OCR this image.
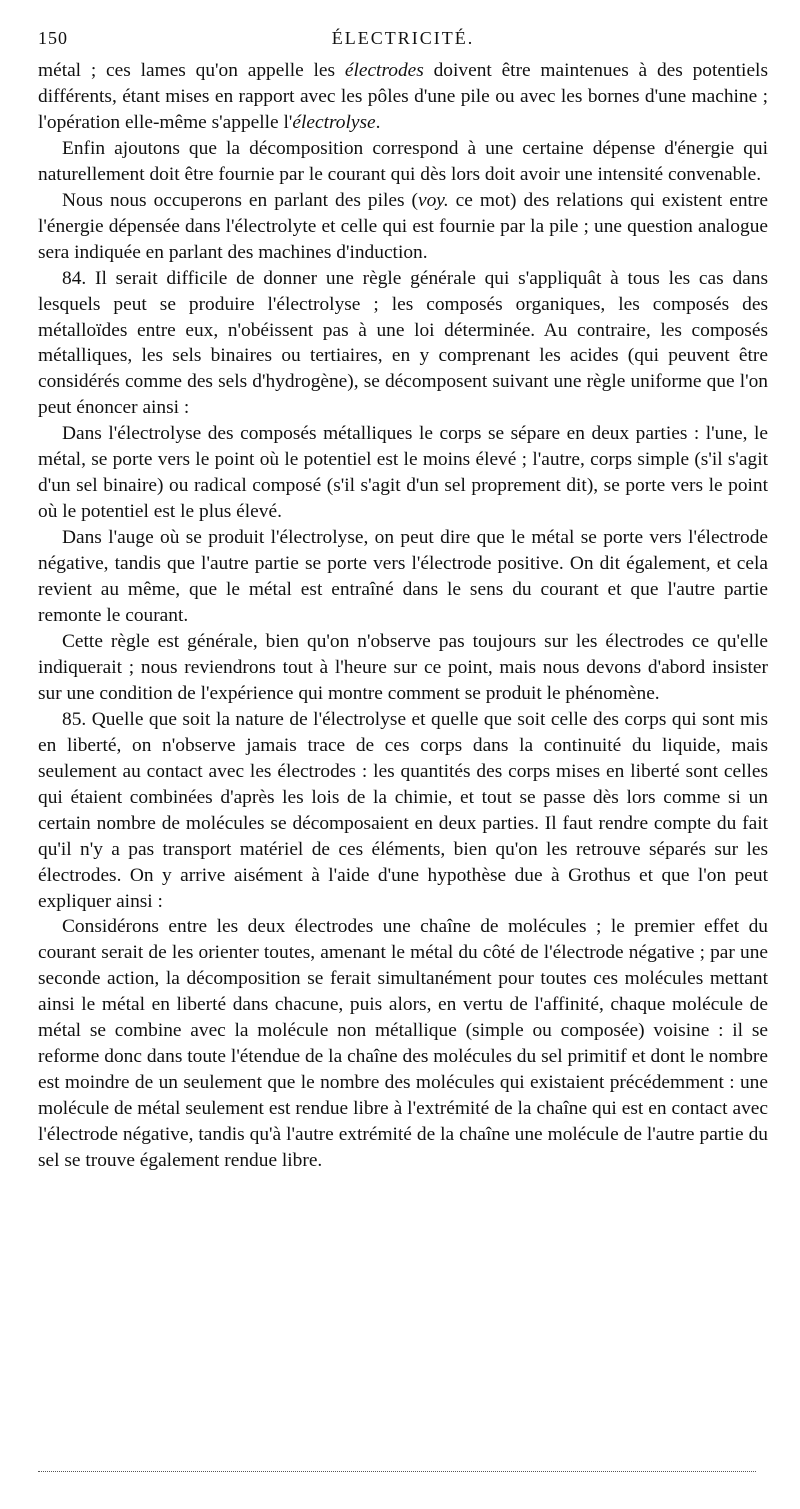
150	ÉLECTRICITÉ.

métal ; ces lames qu'on appelle les électrodes doivent être maintenues à des potentiels différents, étant mises en rapport avec les pôles d'une pile ou avec les bornes d'une machine ; l'opération elle-même s'appelle l'électrolyse.

Enfin ajoutons que la décomposition correspond à une certaine dépense d'énergie qui naturellement doit être fournie par le courant qui dès lors doit avoir une intensité convenable.

Nous nous occuperons en parlant des piles (voy. ce mot) des relations qui existent entre l'énergie dépensée dans l'électrolyte et celle qui est fournie par la pile ; une question analogue sera indiquée en parlant des machines d'induction.

84. Il serait difficile de donner une règle générale qui s'appliquât à tous les cas dans lesquels peut se produire l'électrolyse ; les composés organiques, les composés des métalloïdes entre eux, n'obéissent pas à une loi déterminée. Au contraire, les composés métalliques, les sels binaires ou tertiaires, en y comprenant les acides (qui peuvent être considérés comme des sels d'hydrogène), se décomposent suivant une règle uniforme que l'on peut énoncer ainsi :

Dans l'électrolyse des composés métalliques le corps se sépare en deux parties : l'une, le métal, se porte vers le point où le potentiel est le moins élevé ; l'autre, corps simple (s'il s'agit d'un sel binaire) ou radical composé (s'il s'agit d'un sel proprement dit), se porte vers le point où le potentiel est le plus élevé.

Dans l'auge où se produit l'électrolyse, on peut dire que le métal se porte vers l'électrode négative, tandis que l'autre partie se porte vers l'électrode positive. On dit également, et cela revient au même, que le métal est entraîné dans le sens du courant et que l'autre partie remonte le courant.

Cette règle est générale, bien qu'on n'observe pas toujours sur les électrodes ce qu'elle indiquerait ; nous reviendrons tout à l'heure sur ce point, mais nous devons d'abord insister sur une condition de l'expérience qui montre comment se produit le phénomène.

85. Quelle que soit la nature de l'électrolyse et quelle que soit celle des corps qui sont mis en liberté, on n'observe jamais trace de ces corps dans la continuité du liquide, mais seulement au contact avec les électrodes : les quantités des corps mises en liberté sont celles qui étaient combinées d'après les lois de la chimie, et tout se passe dès lors comme si un certain nombre de molécules se décomposaient en deux parties. Il faut rendre compte du fait qu'il n'y a pas transport matériel de ces éléments, bien qu'on les retrouve séparés sur les électrodes. On y arrive aisément à l'aide d'une hypothèse due à Grothus et que l'on peut expliquer ainsi :

Considérons entre les deux électrodes une chaîne de molécules ; le premier effet du courant serait de les orienter toutes, amenant le métal du côté de l'électrode négative ; par une seconde action, la décomposition se ferait simultanément pour toutes ces molécules mettant ainsi le métal en liberté dans chacune, puis alors, en vertu de l'affinité, chaque molécule de métal se combine avec la molécule non métallique (simple ou composée) voisine : il se reforme donc dans toute l'étendue de la chaîne des molécules du sel primitif et dont le nombre est moindre de un seulement que le nombre des molécules qui existaient précédemment : une molécule de métal seulement est rendue libre à l'extrémité de la chaîne qui est en contact avec l'électrode négative, tandis qu'à l'autre extrémité de la chaîne une molécule de l'autre partie du sel se trouve également rendue libre.
